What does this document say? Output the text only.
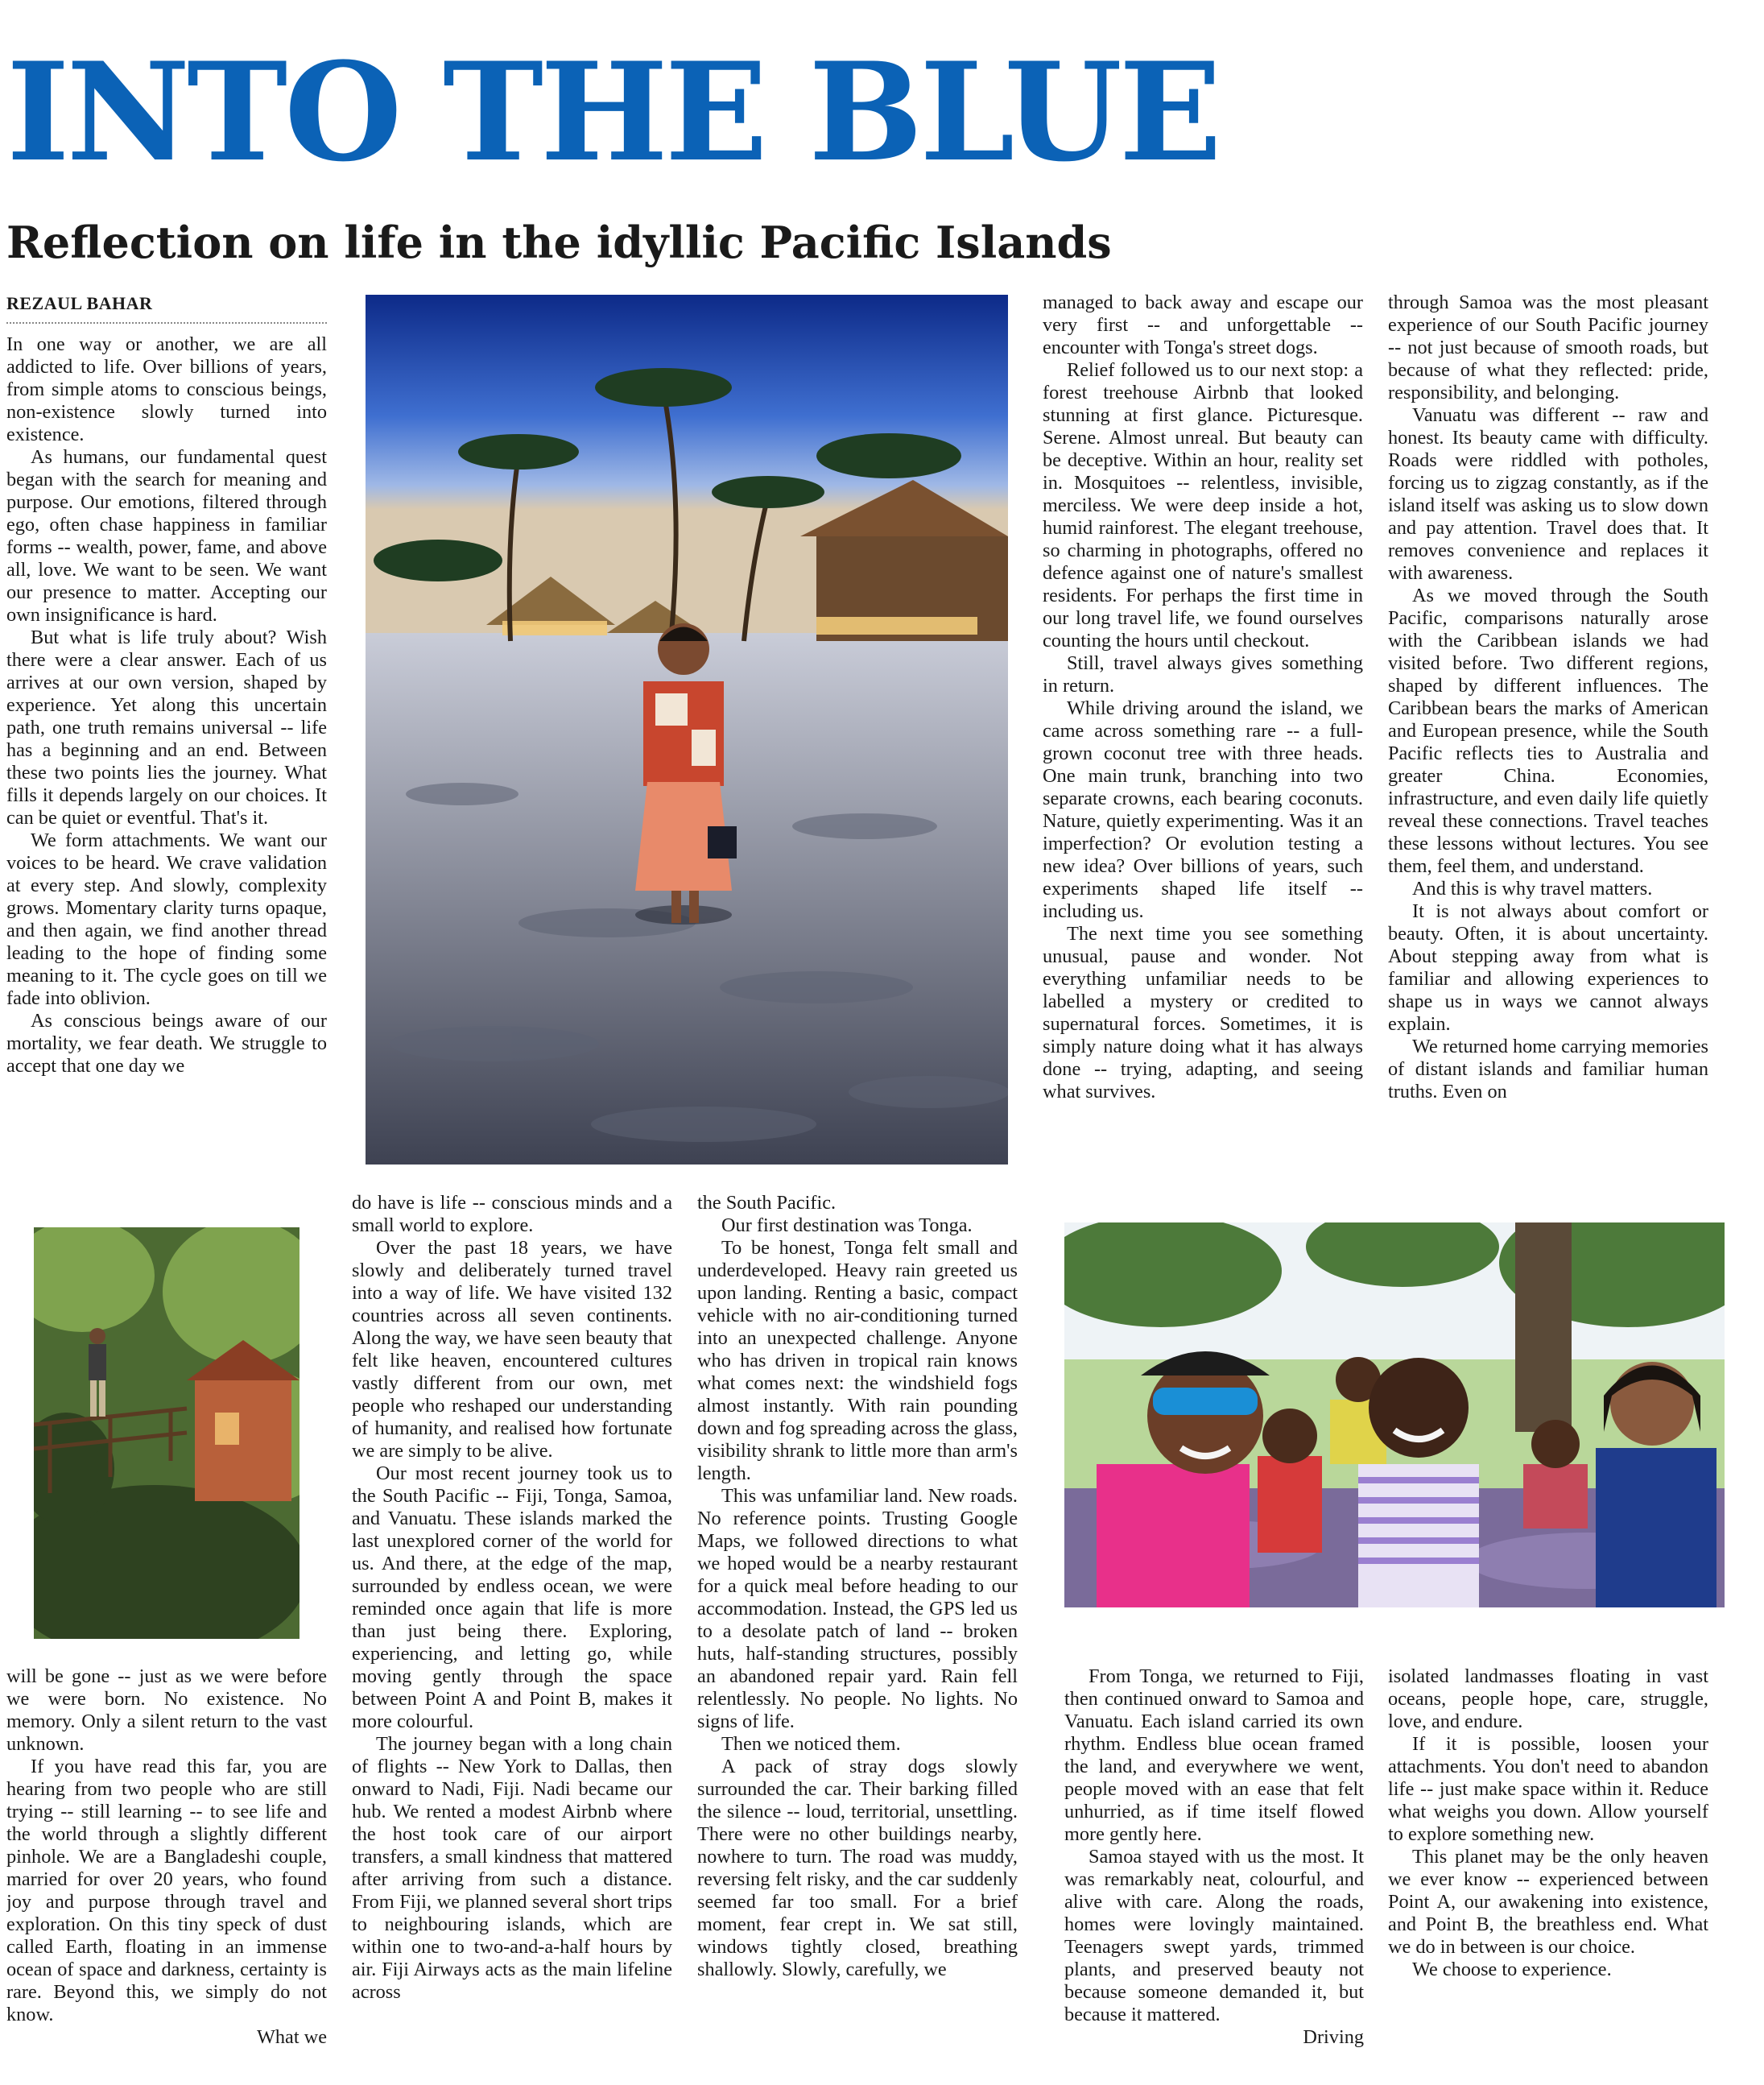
INTO THE BLUE
Reflection on life in the idyllic Pacific Islands
REZAUL BAHAR

In one way or another, we are all addicted to life. Over billions of years, from simple atoms to conscious beings, non-existence slowly turned into existence.

As humans, our fundamental quest began with the search for meaning and purpose. Our emotions, filtered through ego, often chase happiness in familiar forms -- wealth, power, fame, and above all, love. We want to be seen. We want our presence to matter. Accepting our own insignificance is hard.

But what is life truly about? Wish there were a clear answer. Each of us arrives at our own version, shaped by experience. Yet along this uncertain path, one truth remains universal -- life has a beginning and an end. Between these two points lies the journey. What fills it depends largely on our choices. It can be quiet or eventful. That's it.

We form attachments. We want our voices to be heard. We crave validation at every step. And slowly, complexity grows. Momentary clarity turns opaque, and then again, we find another thread leading to the hope of finding some meaning to it. The cycle goes on till we fade into oblivion.

As conscious beings aware of our mortality, we fear death. We struggle to accept that one day we

will be gone -- just as we were before we were born. No existence. No memory. Only a silent return to the vast unknown.

If you have read this far, you are hearing from two people who are still trying -- still learning -- to see life and the world through a slightly different pinhole. We are a Bangladeshi couple, married for over 20 years, who found joy and purpose through travel and exploration. On this tiny speck of dust called Earth, floating in an immense ocean of space and darkness, certainty is rare. Beyond this, we simply do not know.

What we

do have is life -- conscious minds and a small world to explore.

Over the past 18 years, we have slowly and deliberately turned travel into a way of life. We have visited 132 countries across all seven continents. Along the way, we have seen beauty that felt like heaven, encountered cultures vastly different from our own, met people who reshaped our understanding of humanity, and realised how fortunate we are simply to be alive.

Our most recent journey took us to the South Pacific -- Fiji, Tonga, Samoa, and Vanuatu. These islands marked the last unexplored corner of the world for us. And there, at the edge of the map, surrounded by endless ocean, we were reminded once again that life is more than just being there. Exploring, experiencing, and letting go, while moving gently through the space between Point A and Point B, makes it more colourful.

The journey began with a long chain of flights -- New York to Dallas, then onward to Nadi, Fiji. Nadi became our hub. We rented a modest Airbnb where the host took care of our airport transfers, a small kindness that mattered after arriving from such a distance. From Fiji, we planned several short trips to neighbouring islands, which are within one to two-and-a-half hours by air. Fiji Airways acts as the main lifeline across

the South Pacific.

Our first destination was Tonga.

To be honest, Tonga felt small and underdeveloped. Heavy rain greeted us upon landing. Renting a basic, compact vehicle with no air-conditioning turned into an unexpected challenge. Anyone who has driven in tropical rain knows what comes next: the windshield fogs almost instantly. With rain pounding down and fog spreading across the glass, visibility shrank to little more than arm's length.

This was unfamiliar land. New roads. No reference points. Trusting Google Maps, we followed directions to what we hoped would be a nearby restaurant for a quick meal before heading to our accommodation. Instead, the GPS led us to a desolate patch of land -- broken huts, half-standing structures, possibly an abandoned repair yard. Rain fell relentlessly. No people. No lights. No signs of life.

Then we noticed them.

A pack of stray dogs slowly surrounded the car. Their barking filled the silence -- loud, territorial, unsettling. There were no other buildings nearby, nowhere to turn. The road was muddy, reversing felt risky, and the car suddenly seemed far too small. For a brief moment, fear crept in. We sat still, windows tightly closed, breathing shallowly. Slowly, carefully, we

managed to back away and escape our very first -- and unforgettable -- encounter with Tonga's street dogs.

Relief followed us to our next stop: a forest treehouse Airbnb that looked stunning at first glance. Picturesque. Serene. Almost unreal. But beauty can be deceptive. Within an hour, reality set in. Mosquitoes -- relentless, invisible, merciless. We were deep inside a hot, humid rainforest. The elegant treehouse, so charming in photographs, offered no defence against one of nature's smallest residents. For perhaps the first time in our long travel life, we found ourselves counting the hours until checkout.

Still, travel always gives something in return.

While driving around the island, we came across something rare -- a full-grown coconut tree with three heads. One main trunk, branching into two separate crowns, each bearing coconuts. Nature, quietly experimenting. Was it an imperfection? Or evolution testing a new idea? Over billions of years, such experiments shaped life itself -- including us.

The next time you see something unusual, pause and wonder. Not everything unfamiliar needs to be labelled a mystery or credited to supernatural forces. Sometimes, it is simply nature doing what it has always done -- trying, adapting, and seeing what survives.

From Tonga, we returned to Fiji, then continued onward to Samoa and Vanuatu. Each island carried its own rhythm. Endless blue ocean framed the land, and everywhere we went, people moved with an ease that felt unhurried, as if time itself flowed more gently here.

Samoa stayed with us the most. It was remarkably neat, colourful, and alive with care. Along the roads, homes were lovingly maintained. Teenagers swept yards, trimmed plants, and preserved beauty not because someone demanded it, but because it mattered.

Driving

through Samoa was the most pleasant experience of our South Pacific journey -- not just because of smooth roads, but because of what they reflected: pride, responsibility, and belonging.

Vanuatu was different -- raw and honest. Its beauty came with difficulty. Roads were riddled with potholes, forcing us to zigzag constantly, as if the island itself was asking us to slow down and pay attention. Travel does that. It removes convenience and replaces it with awareness.

As we moved through the South Pacific, comparisons naturally arose with the Caribbean islands we had visited before. Two different regions, shaped by different influences. The Caribbean bears the marks of American and European presence, while the South Pacific reflects ties to Australia and greater China. Economies, infrastructure, and even daily life quietly reveal these connections. Travel teaches these lessons without lectures. You see them, feel them, and understand.

And this is why travel matters.

It is not always about comfort or beauty. Often, it is about uncertainty. About stepping away from what is familiar and allowing experiences to shape us in ways we cannot always explain.

We returned home carrying memories of distant islands and familiar human truths. Even on

isolated landmasses floating in vast oceans, people hope, care, struggle, love, and endure.

If it is possible, loosen your attachments. You don't need to abandon life -- just make space within it. Reduce what weighs you down. Allow yourself to explore something new.

This planet may be the only heaven we ever know -- experienced between Point A, our awakening into existence, and Point B, the breathless end. What we do in between is our choice.

We choose to experience.
